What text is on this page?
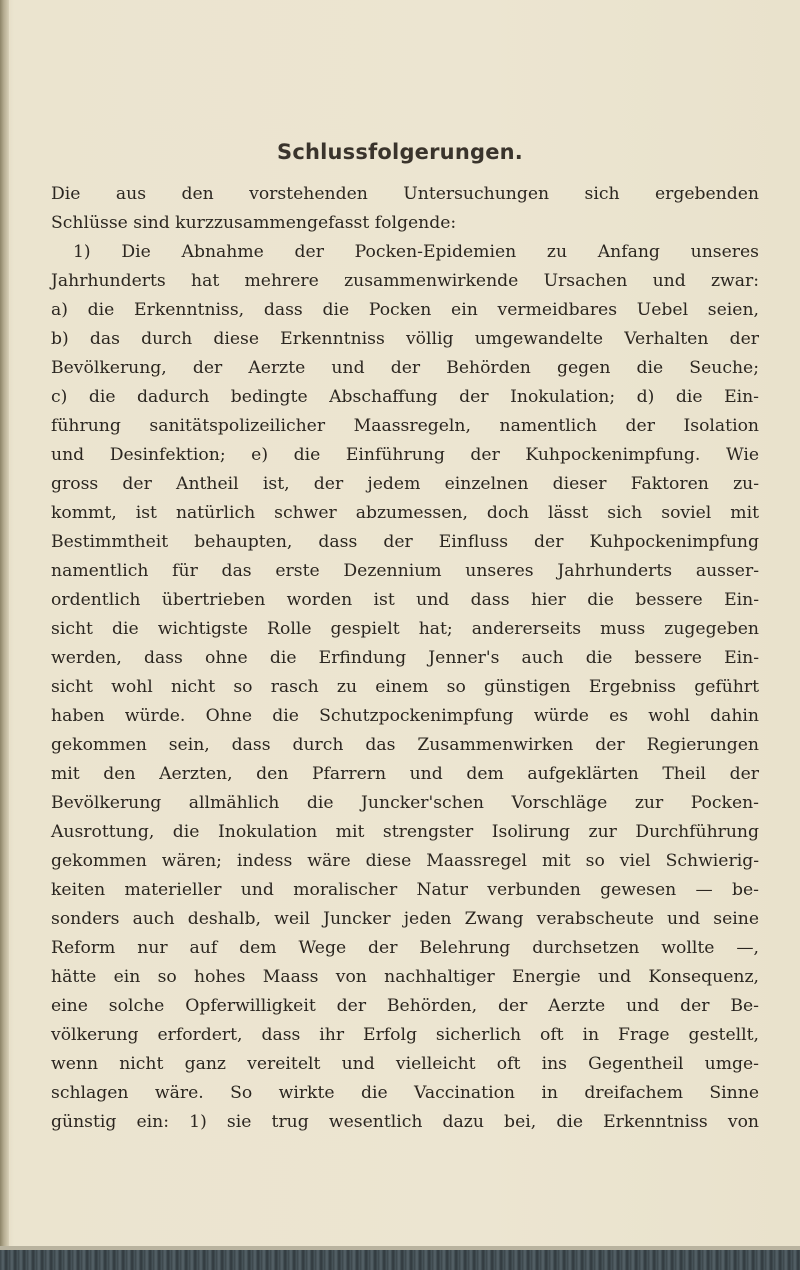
Schlussfolgerungen.
Die aus den vorstehenden Untersuchungen sich ergebenden
Schlüsse sind kurzzusammengefasst folgende:
1) Die Abnahme der Pocken-Epidemien zu Anfang unseres
Jahrhunderts hat mehrere zusammenwirkende Ursachen und zwar:
a) die Erkenntniss, dass die Pocken ein vermeidbares Uebel seien,
b) das durch diese Erkenntniss völlig umgewandelte Verhalten der
Bevölkerung, der Aerzte und der Behörden gegen die Seuche;
c) die dadurch bedingte Abschaffung der Inokulation; d) die Ein-
führung sanitätspolizeilicher Maassregeln, namentlich der Isolation
und Desinfektion; e) die Einführung der Kuhpockenimpfung. Wie
gross der Antheil ist, der jedem einzelnen dieser Faktoren zu-
kommt, ist natürlich schwer abzumessen, doch lässt sich soviel mit
Bestimmtheit behaupten, dass der Einfluss der Kuhpockenimpfung
namentlich für das erste Dezennium unseres Jahrhunderts ausser-
ordentlich übertrieben worden ist und dass hier die bessere Ein-
sicht die wichtigste Rolle gespielt hat; andererseits muss zugegeben
werden, dass ohne die Erfindung Jenner's auch die bessere Ein-
sicht wohl nicht so rasch zu einem so günstigen Ergebniss geführt
haben würde. Ohne die Schutzpockenimpfung würde es wohl dahin
gekommen sein, dass durch das Zusammenwirken der Regierungen
mit den Aerzten, den Pfarrern und dem aufgeklärten Theil der
Bevölkerung allmählich die Juncker'schen Vorschläge zur Pocken-
Ausrottung, die Inokulation mit strengster Isolirung zur Durchführung
gekommen wären; indess wäre diese Maassregel mit so viel Schwierig-
keiten materieller und moralischer Natur verbunden gewesen — be-
sonders auch deshalb, weil Juncker jeden Zwang verabscheute und seine
Reform nur auf dem Wege der Belehrung durchsetzen wollte —,
hätte ein so hohes Maass von nachhaltiger Energie und Konsequenz,
eine solche Opferwilligkeit der Behörden, der Aerzte und der Be-
völkerung erfordert, dass ihr Erfolg sicherlich oft in Frage gestellt,
wenn nicht ganz vereitelt und vielleicht oft ins Gegentheil umge-
schlagen wäre. So wirkte die Vaccination in dreifachem Sinne
günstig ein: 1) sie trug wesentlich dazu bei, die Erkenntniss von
